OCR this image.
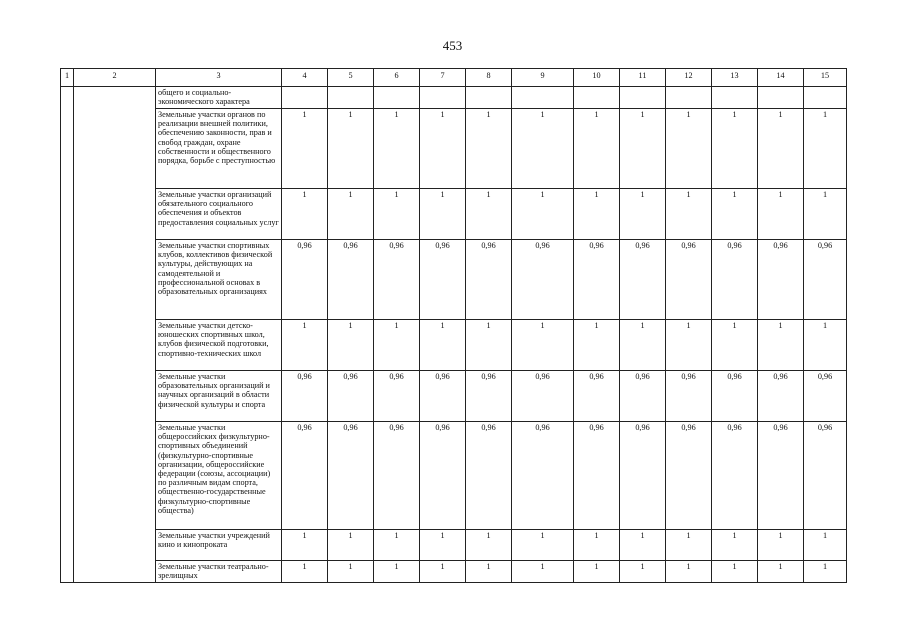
453
1	2	3	4	5	6	7	8	9	10	11	12	13	14	15
		общего и социально-экономического характера												
		Земельные участки органов по реализации внешней политики, обеспечению законности, прав и свобод граждан, охране собственности и общественного порядка, борьбе с преступностью	1	1	1	1	1	1	1	1	1	1	1	1
		Земельные участки организаций обязательного социального обеспечения и объектов предоставления социальных услуг	1	1	1	1	1	1	1	1	1	1	1	1
		Земельные участки спортивных клубов, коллективов физической культуры, действующих на самодеятельной и профессиональной основах в образовательных организациях	0,96	0,96	0,96	0,96	0,96	0,96	0,96	0,96	0,96	0,96	0,96	0,96
		Земельные участки детско-юношеских спортивных школ, клубов физической подготовки, спортивно-технических школ	1	1	1	1	1	1	1	1	1	1	1	1
		Земельные участки образовательных организаций и научных организаций в области физической культуры и спорта	0,96	0,96	0,96	0,96	0,96	0,96	0,96	0,96	0,96	0,96	0,96	0,96
		Земельные участки общероссийских физкультурно-спортивных объединений (физкультурно-спортивные организации, общероссийские федерации (союзы, ассоциации) по различным видам спорта, общественно-государственные физкультурно-спортивные общества)	0,96	0,96	0,96	0,96	0,96	0,96	0,96	0,96	0,96	0,96	0,96	0,96
		Земельные участки учреждений кино и кинопроката	1	1	1	1	1	1	1	1	1	1	1	1
		Земельные участки театрально-зрелищных	1	1	1	1	1	1	1	1	1	1	1	1
